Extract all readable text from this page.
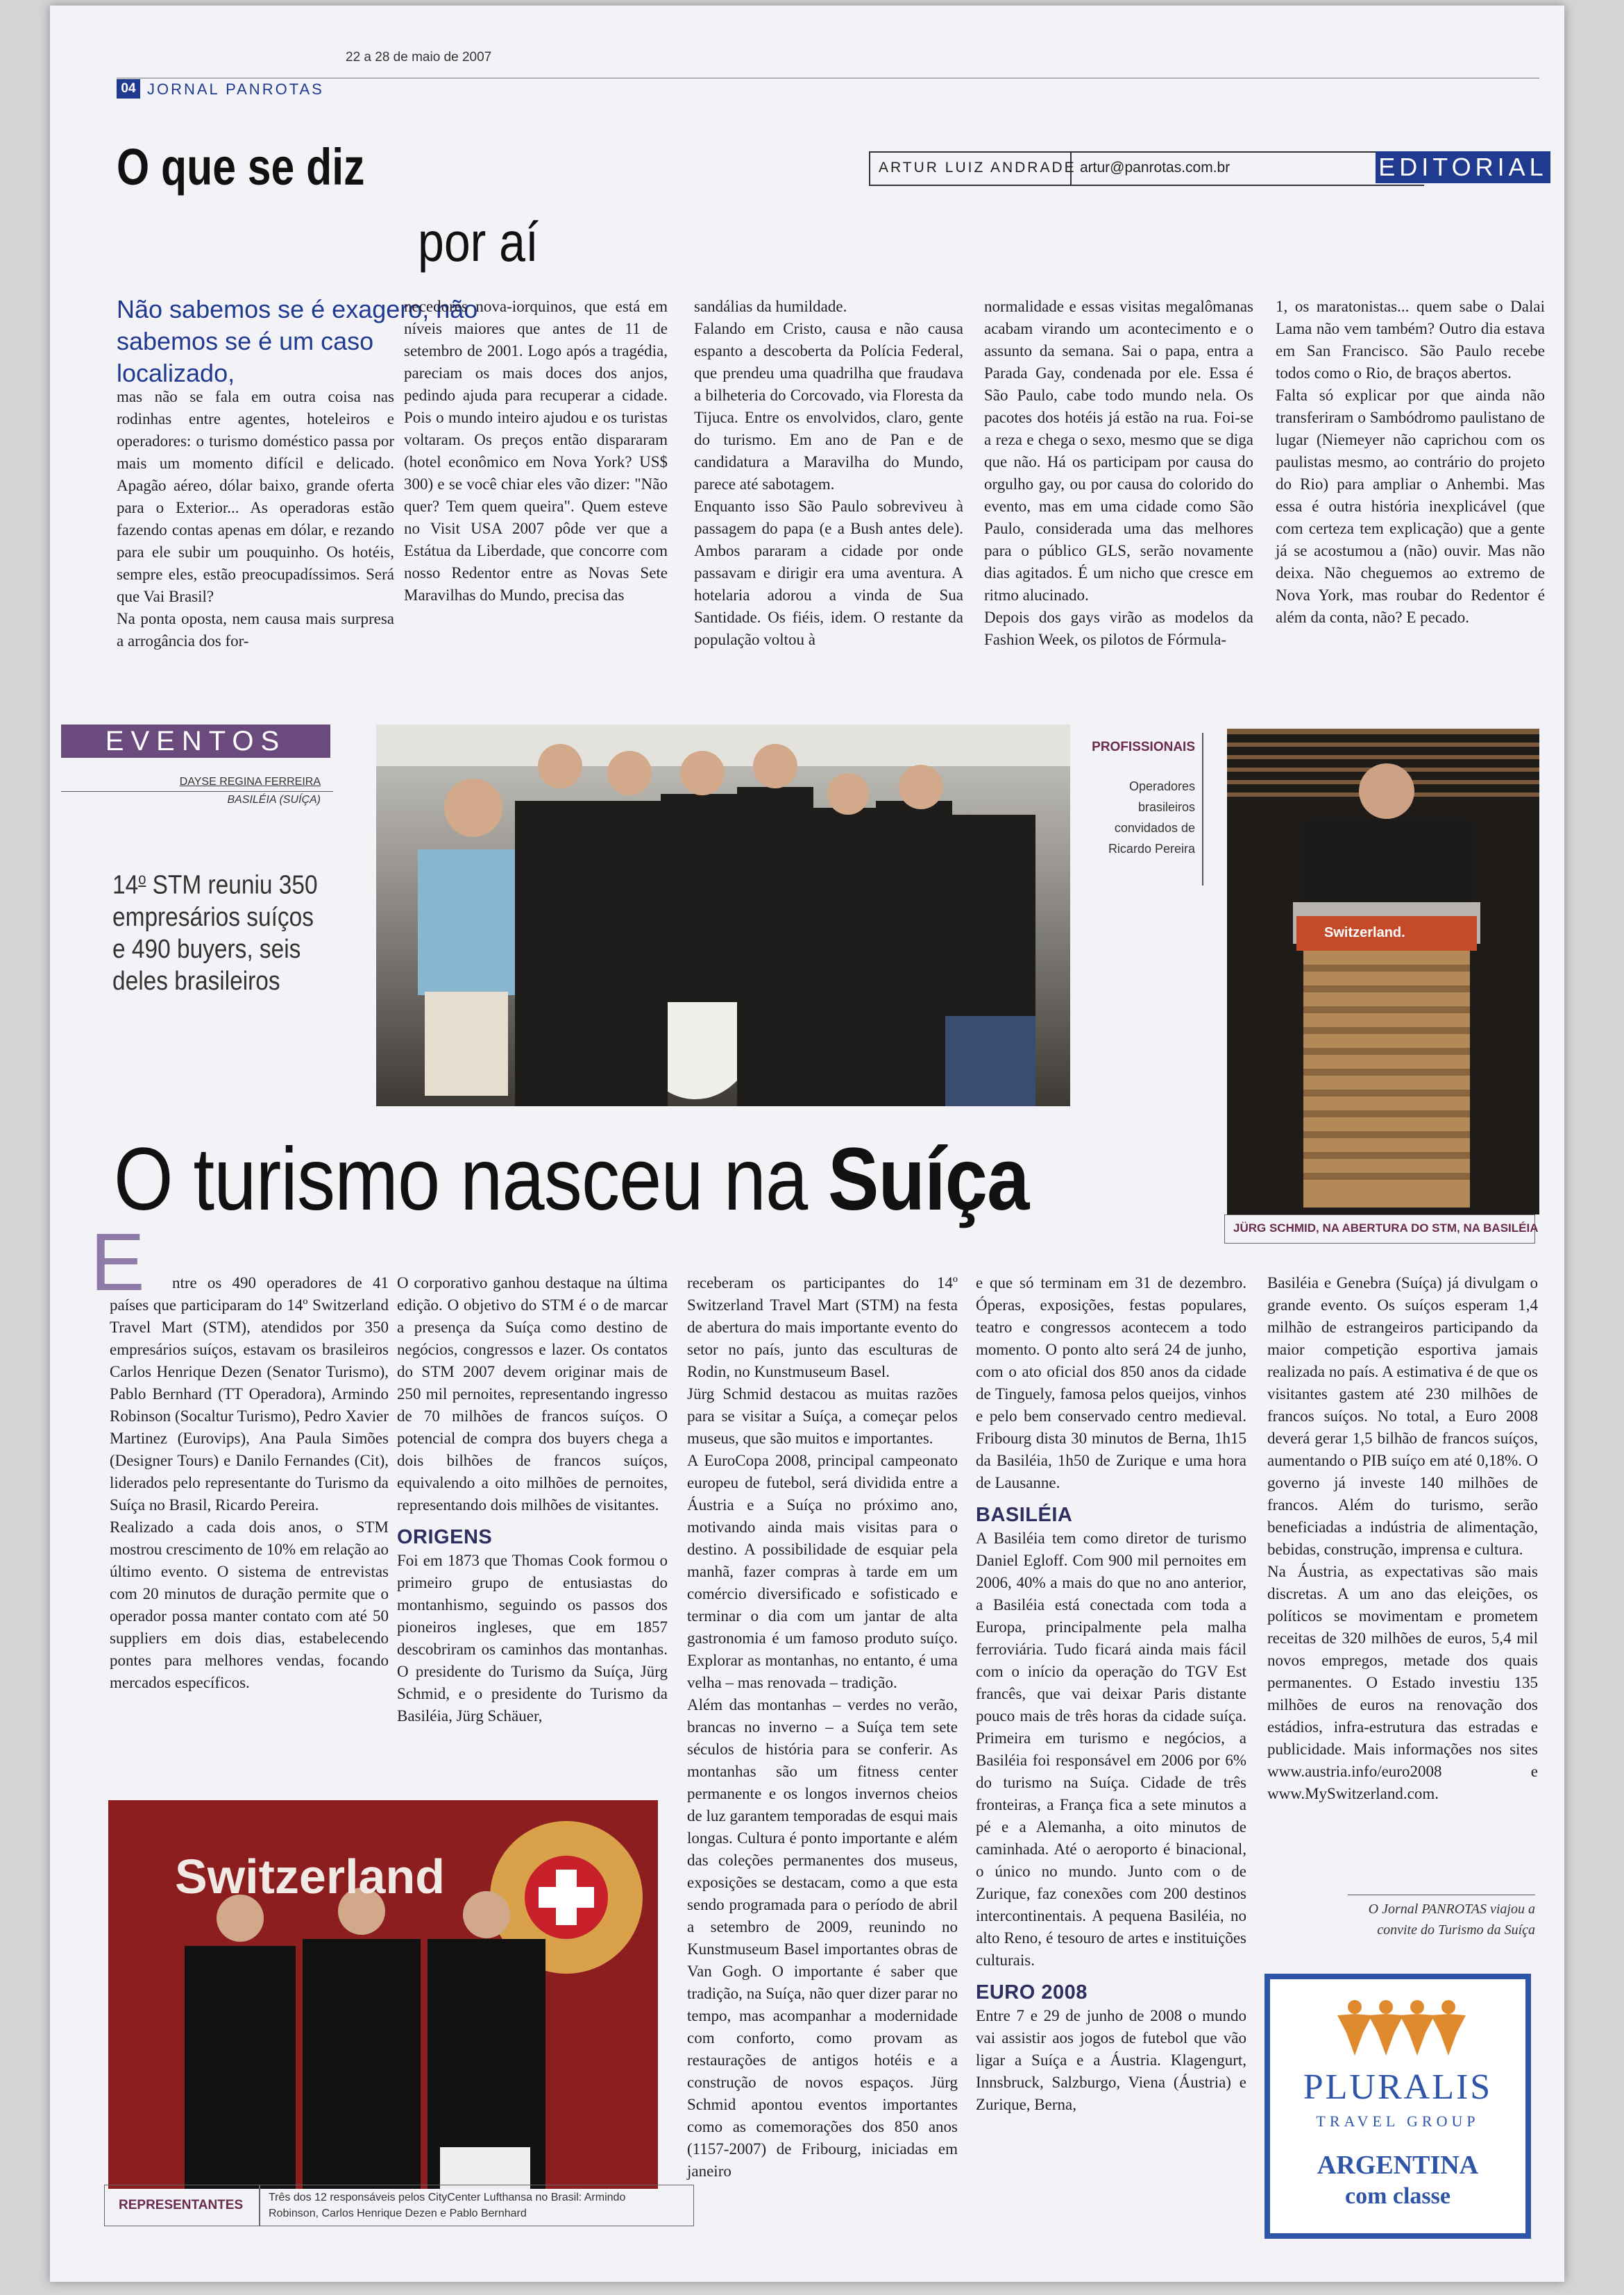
22 a 28 de maio de 2007
04 JORNAL PANROTAS
ARTUR LUIZ ANDRADE artur@panrotas.com.br	EDITORIAL
O que se diz
por aí
Não sabemos se é exagero, não sabemos se é um caso localizado,

mas não se fala em outra coisa nas rodinhas entre agentes, hoteleiros e operadores: o turismo doméstico passa por mais um momento difícil e delicado. Apagão aéreo, dólar baixo, grande oferta para o Exterior... As operadoras estão fazendo contas apenas em dólar, e rezando para ele subir um pouquinho. Os hotéis, sempre eles, estão preocupadíssimos. Será que Vai Brasil?

Na ponta oposta, nem causa mais surpresa a arrogância dos for-

necedores nova-iorquinos, que está em níveis maiores que antes de 11 de setembro de 2001. Logo após a tragédia, pareciam os mais doces dos anjos, pedindo ajuda para recuperar a cidade. Pois o mundo inteiro ajudou e os turistas voltaram. Os preços então dispararam (hotel econômico em Nova York? US$ 300) e se você chiar eles vão dizer: "Não quer? Tem quem queira". Quem esteve no Visit USA 2007 pôde ver que a Estátua da Liberdade, que concorre com nosso Redentor entre as Novas Sete Maravilhas do Mundo, precisa das

sandálias da humildade.

Falando em Cristo, causa e não causa espanto a descoberta da Polícia Federal, que prendeu uma quadrilha que fraudava a bilheteria do Corcovado, via Floresta da Tijuca. Entre os envolvidos, claro, gente do turismo. Em ano de Pan e de candidatura a Maravilha do Mundo, parece até sabotagem.

Enquanto isso São Paulo sobreviveu à passagem do papa (e a Bush antes dele). Ambos pararam a cidade por onde passavam e dirigir era uma aventura. A hotelaria adorou a vinda de Sua Santidade. Os fiéis, idem. O restante da população voltou à

normalidade e essas visitas megalômanas acabam virando um acontecimento e o assunto da semana. Sai o papa, entra a Parada Gay, condenada por ele. Essa é São Paulo, cabe todo mundo nela. Os pacotes dos hotéis já estão na rua. Foi-se a reza e chega o sexo, mesmo que se diga que não. Há os participam por causa do orgulho gay, ou por causa do colorido do evento, mas em uma cidade como São Paulo, considerada uma das melhores para o público GLS, serão novamente dias agitados. É um nicho que cresce em ritmo alucinado.

Depois dos gays virão as modelos da Fashion Week, os pilotos de Fórmula-

1, os maratonistas... quem sabe o Dalai Lama não vem também? Outro dia estava em San Francisco. São Paulo recebe todos como o Rio, de braços abertos.

Falta só explicar por que ainda não transferiram o Sambódromo paulistano de lugar (Niemeyer não caprichou com os paulistas mesmo, ao contrário do projeto do Rio) para ampliar o Anhembi. Mas essa é outra história inexplicável (que com certeza tem explicação) que a gente já se acostumou a (não) ouvir. Mas não deixa. Não cheguemos ao extremo de Nova York, mas roubar do Redentor é além da conta, não? E pecado.

EVENTOS
DAYSE REGINA FERREIRA
BASILÉIA (SUÍÇA)
14$^o$ STM reuniu 350 empresários suíços e 490 buyers, seis deles brasileiros
PROFISSIONAIS
Operadores brasileiros convidados de Ricardo Pereira
Switzerland.
JÜRG SCHMID, NA ABERTURA DO STM, NA BASILÉIA
O turismo nasceu na Suíça
E	ntre os 490 operadores de 41 países que participaram do 14º Switzerland Travel Mart (STM), atendidos por 350 empresários suíços, estavam os brasileiros Carlos Henrique Dezen (Senator Turismo), Pablo Bernhard (TT Operadora), Armindo Robinson (Socaltur Turismo), Pedro Xavier Martinez (Eurovips), Ana Paula Simões (Designer Tours) e Danilo Fernandes (Cit), liderados pelo representante do Turismo da Suíça no Brasil, Ricardo Pereira.

Realizado a cada dois anos, o STM mostrou crescimento de 10% em relação ao último evento. O sistema de entrevistas com 20 minutos de duração permite que o operador possa manter contato com até 50 suppliers em dois dias, estabelecendo pontes para melhores vendas, focando mercados específicos.

O corporativo ganhou destaque na última edição. O objetivo do STM é o de marcar a presença da Suíça como destino de negócios, congressos e lazer. Os contatos do STM 2007 devem originar mais de 250 mil pernoites, representando ingresso de 70 milhões de francos suíços. O potencial de compra dos buyers chega a dois bilhões de francos suíços, equivalendo a oito milhões de pernoites, representando dois milhões de visitantes.

ORIGENS

Foi em 1873 que Thomas Cook formou o primeiro grupo de entusiastas do montanhismo, seguindo os passos dos pioneiros ingleses, que em 1857 descobriram os caminhos das montanhas. O presidente do Turismo da Suíça, Jürg Schmid, e o presidente do Turismo da Basiléia, Jürg Schäuer,

receberam os participantes do 14º Switzerland Travel Mart (STM) na festa de abertura do mais importante evento do setor no país, junto das esculturas de Rodin, no Kunstmuseum Basel.

Jürg Schmid destacou as muitas razões para se visitar a Suíça, a começar pelos museus, que são muitos e importantes.

A EuroCopa 2008, principal campeonato europeu de futebol, será dividida entre a Áustria e a Suíça no próximo ano, motivando ainda mais visitas para o destino. A possibilidade de esquiar pela manhã, fazer compras à tarde em um comércio diversificado e sofisticado e terminar o dia com um jantar de alta gastronomia é um famoso produto suíço. Explorar as montanhas, no entanto, é uma velha – mas renovada – tradição.

Além das montanhas – verdes no verão, brancas no inverno – a Suíça tem sete séculos de história para se conferir. As montanhas são um fitness center permanente e os longos invernos cheios de luz garantem temporadas de esqui mais longas. Cultura é ponto importante e além das coleções permanentes dos museus, exposições se destacam, como a que esta sendo programada para o período de abril a setembro de 2009, reunindo no Kunstmuseum Basel importantes obras de Van Gogh. O importante é saber que tradição, na Suíça, não quer dizer parar no tempo, mas acompanhar a modernidade com conforto, como provam as restaurações de antigos hotéis e a construção de novos espaços. Jürg Schmid apontou eventos importantes como as comemorações dos 850 anos (1157-2007) de Fribourg, iniciadas em janeiro

e que só terminam em 31 de dezembro. Óperas, exposições, festas populares, teatro e congressos acontecem a todo momento. O ponto alto será 24 de junho, com o ato oficial dos 850 anos da cidade de Tinguely, famosa pelos queijos, vinhos e pelo bem conservado centro medieval. Fribourg dista 30 minutos de Berna, 1h15 da Basiléia, 1h50 de Zurique e uma hora de Lausanne.

BASILÉIA

A Basiléia tem como diretor de turismo Daniel Egloff. Com 900 mil pernoites em 2006, 40% a mais do que no ano anterior, a Basiléia está conectada com toda a Europa, principalmente pela malha ferroviária. Tudo ficará ainda mais fácil com o início da operação do TGV Est francês, que vai deixar Paris distante pouco mais de três horas da cidade suíça. Primeira em turismo e negócios, a Basiléia foi responsável em 2006 por 6% do turismo na Suíça. Cidade de três fronteiras, a França fica a sete minutos a pé e a Alemanha, a oito minutos de caminhada. Até o aeroporto é binacional, o único no mundo. Junto com o de Zurique, faz conexões com 200 destinos intercontinentais. A pequena Basiléia, no alto Reno, é tesouro de artes e instituições culturais.

EURO 2008

Entre 7 e 29 de junho de 2008 o mundo vai assistir aos jogos de futebol que vão ligar a Suíça e a Áustria. Klagengurt, Innsbruck, Salzburgo, Viena (Áustria) e Zurique, Berna,

Basiléia e Genebra (Suíça) já divulgam o grande evento. Os suíços esperam 1,4 milhão de estrangeiros participando da maior competição esportiva jamais realizada no país. A estimativa é de que os visitantes gastem até 230 milhões de francos suíços. No total, a Euro 2008 deverá gerar 1,5 bilhão de francos suíços, aumentando o PIB suíço em até 0,18%. O governo já investe 140 milhões de francos. Além do turismo, serão beneficiadas a indústria de alimentação, bebidas, construção, imprensa e cultura.

Na Áustria, as expectativas são mais discretas. A um ano das eleições, os políticos se movimentam e prometem receitas de 320 milhões de euros, 5,4 mil novos empregos, metade dos quais permanentes. O Estado investiu 135 milhões de euros na renovação dos estádios, infra-estrutura das estradas e publicidade. Mais informações nos sites www.austria.info/euro2008 e www.MySwitzerland.com.

O Jornal PANROTAS viajou a convite do Turismo da Suíça
Switzerland
REPRESENTANTES
Três dos 12 responsáveis pelos CityCenter Lufthansa no Brasil: Armindo Robinson, Carlos Henrique Dezen e Pablo Bernhard
PLURALIS
TRAVEL GROUP
ARGENTINA
com classe
